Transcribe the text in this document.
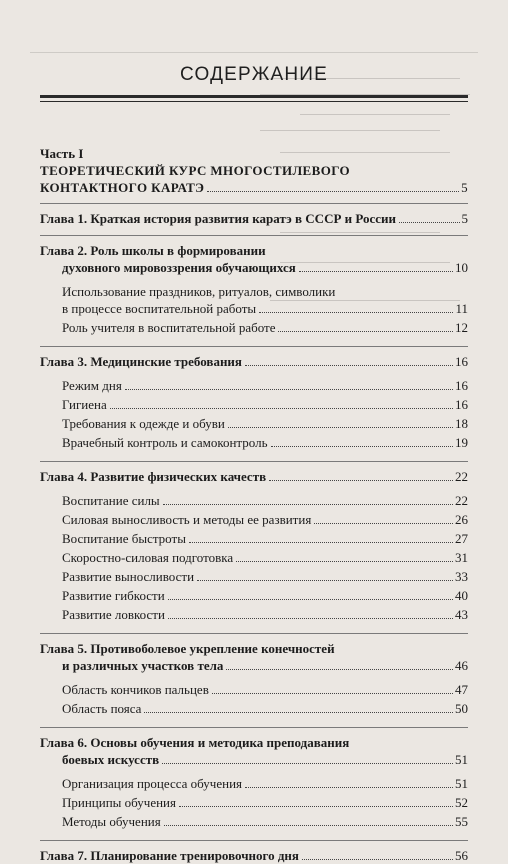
СОДЕРЖАНИЕ
Часть I
ТЕОРЕТИЧЕСКИЙ КУРС МНОГОСТИЛЕВОГО
КОНТАКТНОГО КАРАТЭ	5
Глава 1. Краткая история развития каратэ в СССР и России	5
Глава 2. Роль школы в формировании
духовного мировоззрения обучающихся	10
Использование праздников, ритуалов, символики
в процессе воспитательной работы	11
Роль учителя в воспитательной работе	12
Глава 3. Медицинские требования	16
Режим дня	16
Гигиена	16
Требования к одежде и обуви	18
Врачебный контроль и самоконтроль	19
Глава 4. Развитие физических качеств	22
Воспитание силы	22
Силовая выносливость и методы ее развития	26
Воспитание быстроты	27
Скоростно-силовая подготовка	31
Развитие выносливости	33
Развитие гибкости	40
Развитие ловкости	43
Глава 5. Противоболевое укрепление конечностей
и различных участков тела	46
Область кончиков пальцев	47
Область пояса	50
Глава 6. Основы обучения и методика преподавания
боевых искусств	51
Организация процесса обучения	51
Принципы обучения	52
Методы обучения	55
Глава 7. Планирование тренировочного дня	56
